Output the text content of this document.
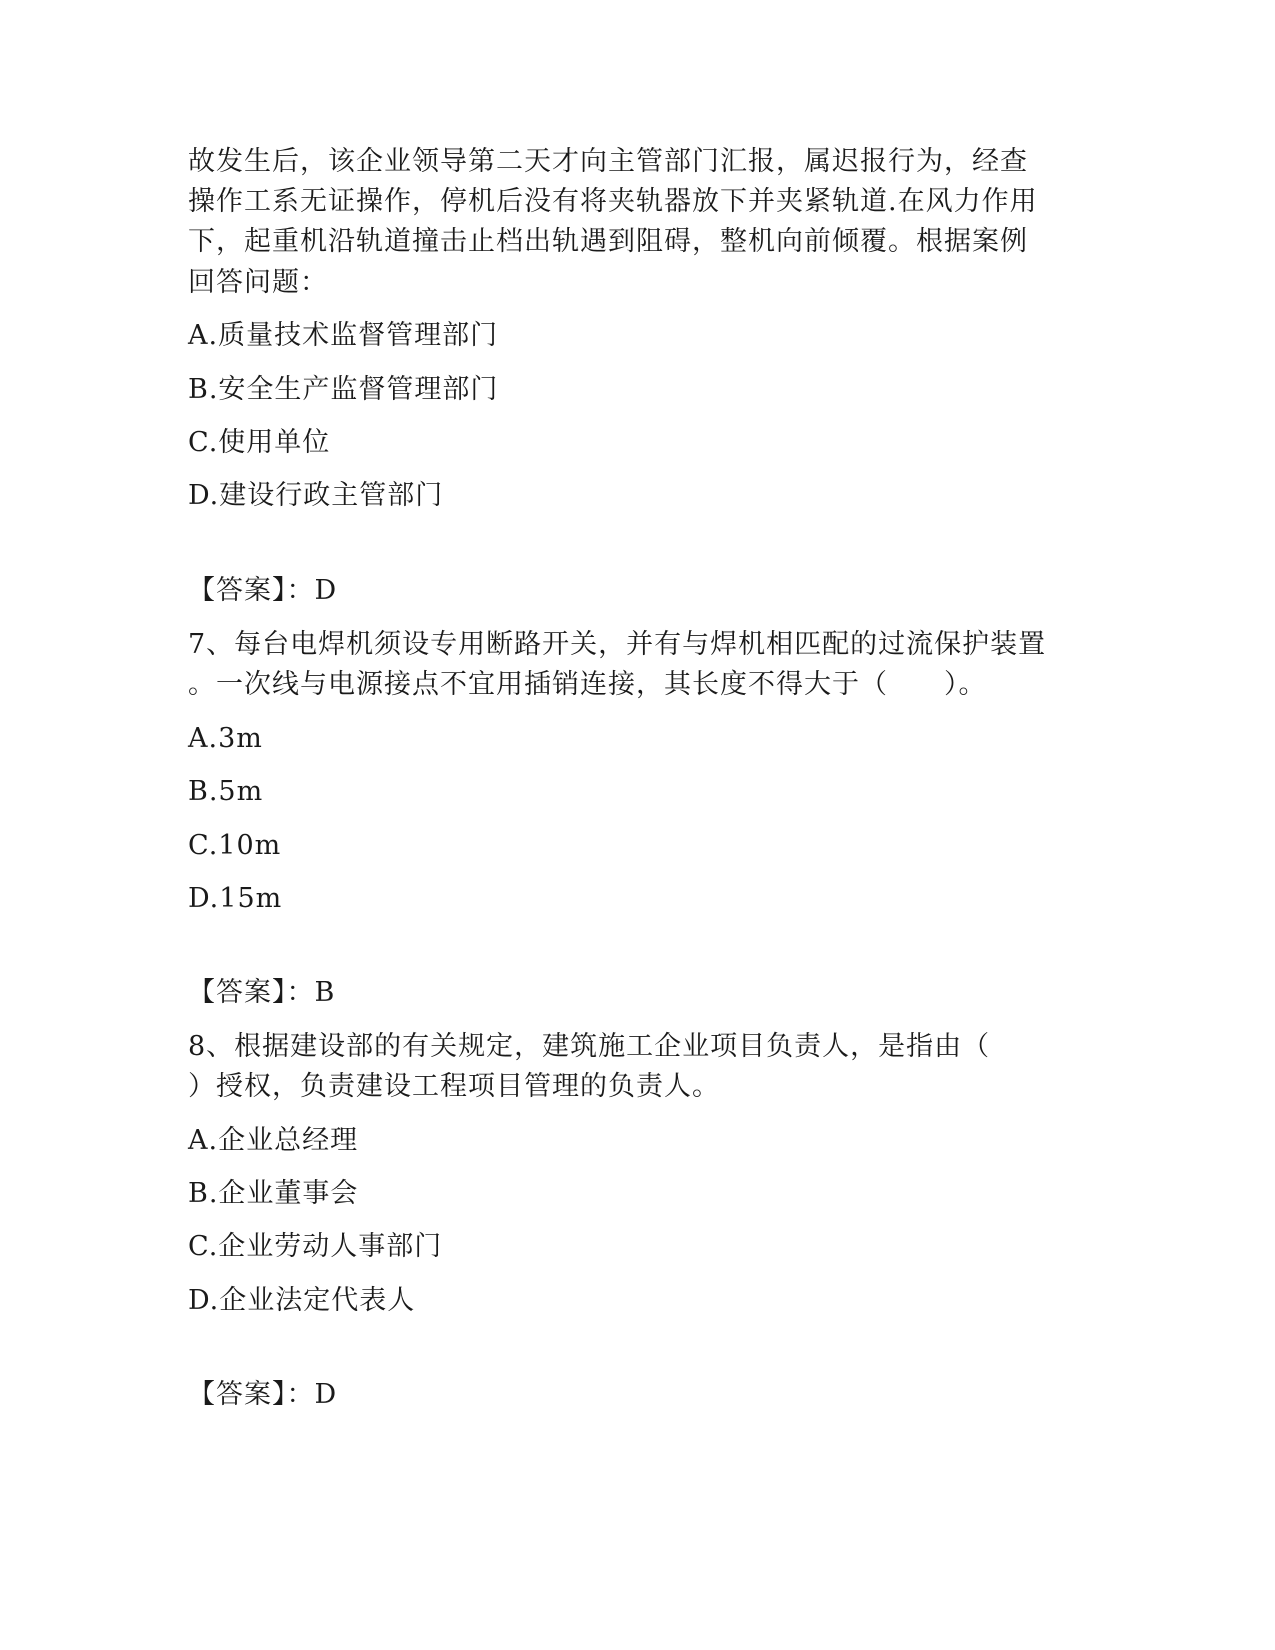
故发生后，该企业领导第二天才向主管部门汇报，属迟报行为，经查
操作工系无证操作，停机后没有将夹轨器放下并夹紧轨道.在风力作用
下，起重机沿轨道撞击止档出轨遇到阻碍，整机向前倾覆。根据案例
回答问题：
A.质量技术监督管理部门
B.安全生产监督管理部门
C.使用单位
D.建设行政主管部门
【答案】：D
7、每台电焊机须设专用断路开关，并有与焊机相匹配的过流保护装置
。一次线与电源接点不宜用插销连接，其长度不得大于（　　）。
A.3m
B.5m
C.10m
D.15m
【答案】：B
8、根据建设部的有关规定，建筑施工企业项目负责人，是指由（
）授权，负责建设工程项目管理的负责人。
A.企业总经理
B.企业董事会
C.企业劳动人事部门
D.企业法定代表人
【答案】：D
